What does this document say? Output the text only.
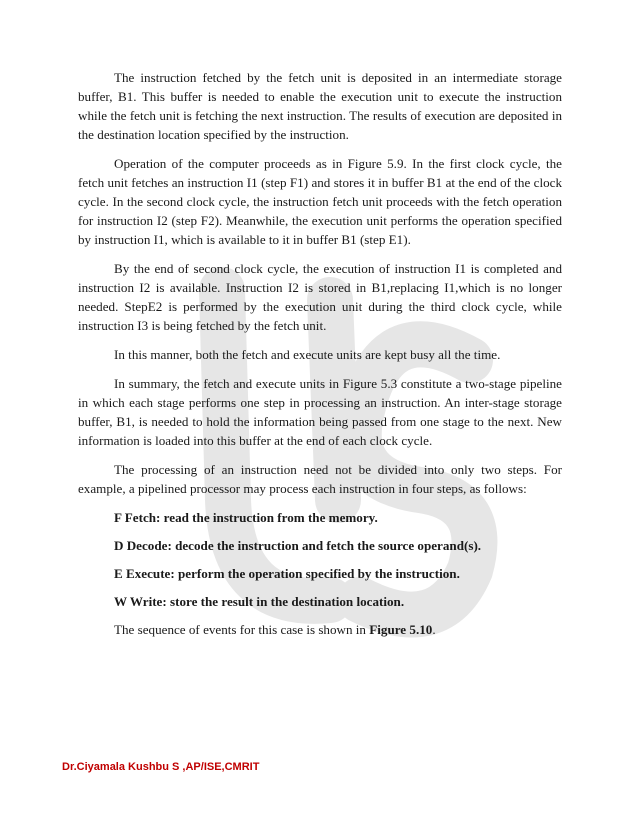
The instruction fetched by the fetch unit is deposited in an intermediate storage buffer, B1. This buffer is needed to enable the execution unit to execute the instruction while the fetch unit is fetching the next instruction. The results of execution are deposited in the destination location specified by the instruction.

Operation of the computer proceeds as in Figure 5.9. In the first clock cycle, the fetch unit fetches an instruction I1 (step F1) and stores it in buffer B1 at the end of the clock cycle. In the second clock cycle, the instruction fetch unit proceeds with the fetch operation for instruction I2 (step F2). Meanwhile, the execution unit performs the operation specified by instruction I1, which is available to it in buffer B1 (step E1).

By the end of second clock cycle, the execution of instruction I1 is completed and instruction I2 is available. Instruction I2 is stored in B1,replacing I1,which is no longer needed. StepE2 is performed by the execution unit during the third clock cycle, while instruction I3 is being fetched by the fetch unit.

In this manner, both the fetch and execute units are kept busy all the time.

In summary, the fetch and execute units in Figure 5.3 constitute a two-stage pipeline in which each stage performs one step in processing an instruction. An inter-stage storage buffer, B1, is needed to hold the information being passed from one stage to the next. New information is loaded into this buffer at the end of each clock cycle.

The processing of an instruction need not be divided into only two steps. For example, a pipelined processor may process each instruction in four steps, as follows:

F Fetch: read the instruction from the memory.

D Decode: decode the instruction and fetch the source operand(s).

E Execute: perform the operation specified by the instruction.

W Write: store the result in the destination location.

The sequence of events for this case is shown in Figure 5.10.

Dr.Ciyamala Kushbu S ,AP/ISE,CMRIT
